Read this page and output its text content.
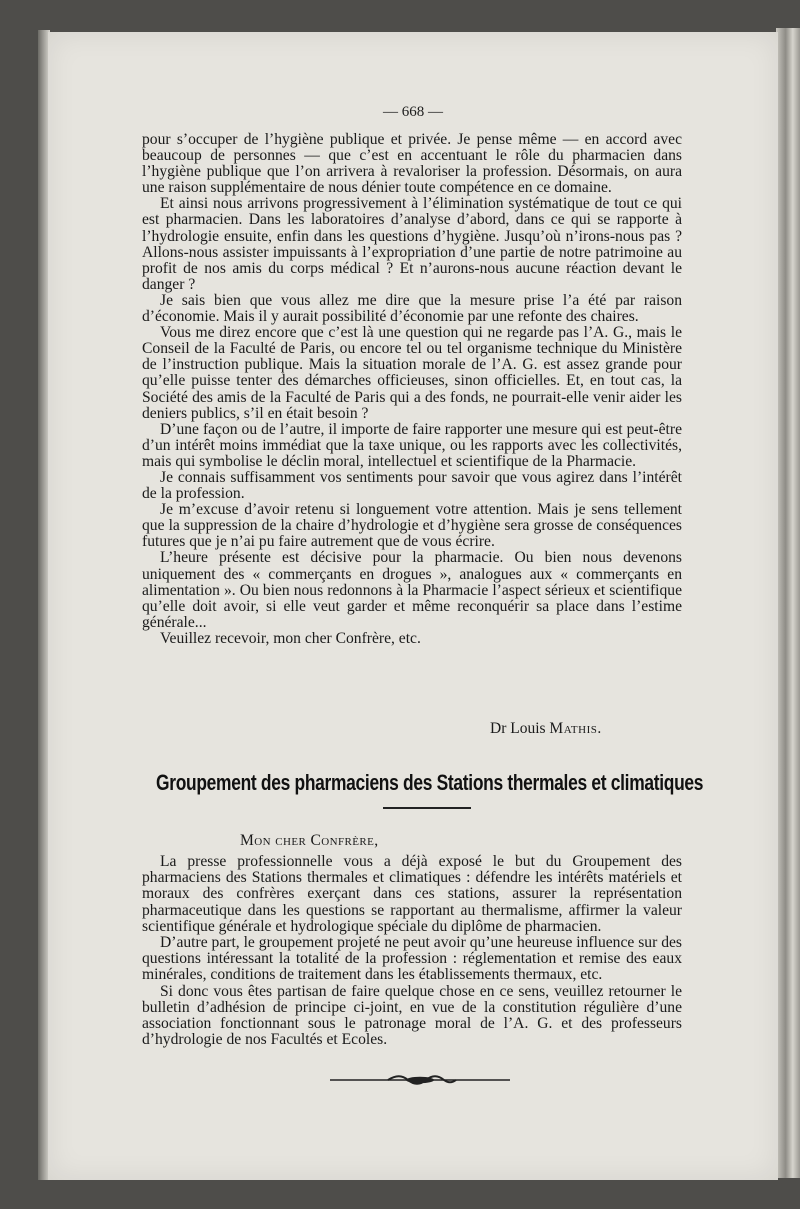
— 668 —

pour s’occuper de l’hygiène publique et privée. Je pense même — en accord avec beaucoup de personnes — que c’est en accentuant le rôle du pharmacien dans l’hygiène publique que l’on arrivera à revaloriser la profession. Désormais, on aura une raison supplémentaire de nous dénier toute compétence en ce domaine.

Et ainsi nous arrivons progressivement à l’élimination systématique de tout ce qui est pharmacien. Dans les laboratoires d’analyse d’abord, dans ce qui se rapporte à l’hydrologie ensuite, enfin dans les questions d’hygiène. Jusqu’où n’irons-nous pas ? Allons-nous assister impuissants à l’expropriation d’une partie de notre patrimoine au profit de nos amis du corps médical ? Et n’aurons-nous aucune réaction devant le danger ?

Je sais bien que vous allez me dire que la mesure prise l’a été par raison d’économie. Mais il y aurait possibilité d’économie par une refonte des chaires.

Vous me direz encore que c’est là une question qui ne regarde pas l’A. G., mais le Conseil de la Faculté de Paris, ou encore tel ou tel organisme technique du Ministère de l’instruction publique. Mais la situation morale de l’A. G. est assez grande pour qu’elle puisse tenter des démarches officieuses, sinon officielles. Et, en tout cas, la Société des amis de la Faculté de Paris qui a des fonds, ne pourrait-elle venir aider les deniers publics, s’il en était besoin ?

D’une façon ou de l’autre, il importe de faire rapporter une mesure qui est peut-être d’un intérêt moins immédiat que la taxe unique, ou les rapports avec les collectivités, mais qui symbolise le déclin moral, intellectuel et scientifique de la Pharmacie.

Je connais suffisamment vos sentiments pour savoir que vous agirez dans l’intérêt de la profession.

Je m’excuse d’avoir retenu si longuement votre attention. Mais je sens tellement que la suppression de la chaire d’hydrologie et d’hygiène sera grosse de conséquences futures que je n’ai pu faire autrement que de vous écrire.

L’heure présente est décisive pour la pharmacie. Ou bien nous devenons uniquement des « commerçants en drogues », analogues aux « commerçants en alimentation ». Ou bien nous redonnons à la Pharmacie l’aspect sérieux et scientifique qu’elle doit avoir, si elle veut garder et même reconquérir sa place dans l’estime générale...

Veuillez recevoir, mon cher Confrère, etc.

Dr Louis Mathis.
Groupement des pharmaciens des Stations thermales et climatiques
Mon cher Confrère,

La presse professionnelle vous a déjà exposé le but du Groupement des pharmaciens des Stations thermales et climatiques : défendre les intérêts matériels et moraux des confrères exerçant dans ces stations, assurer la représentation pharmaceutique dans les questions se rapportant au thermalisme, affirmer la valeur scientifique générale et hydrologique spéciale du diplôme de pharmacien.

D’autre part, le groupement projeté ne peut avoir qu’une heureuse influence sur des questions intéressant la totalité de la profession : réglementation et remise des eaux minérales, conditions de traitement dans les établissements thermaux, etc.

Si donc vous êtes partisan de faire quelque chose en ce sens, veuillez retourner le bulletin d’adhésion de principe ci-joint, en vue de la constitution régulière d’une association fonctionnant sous le patronage moral de l’A. G. et des professeurs d’hydrologie de nos Facultés et Ecoles.
